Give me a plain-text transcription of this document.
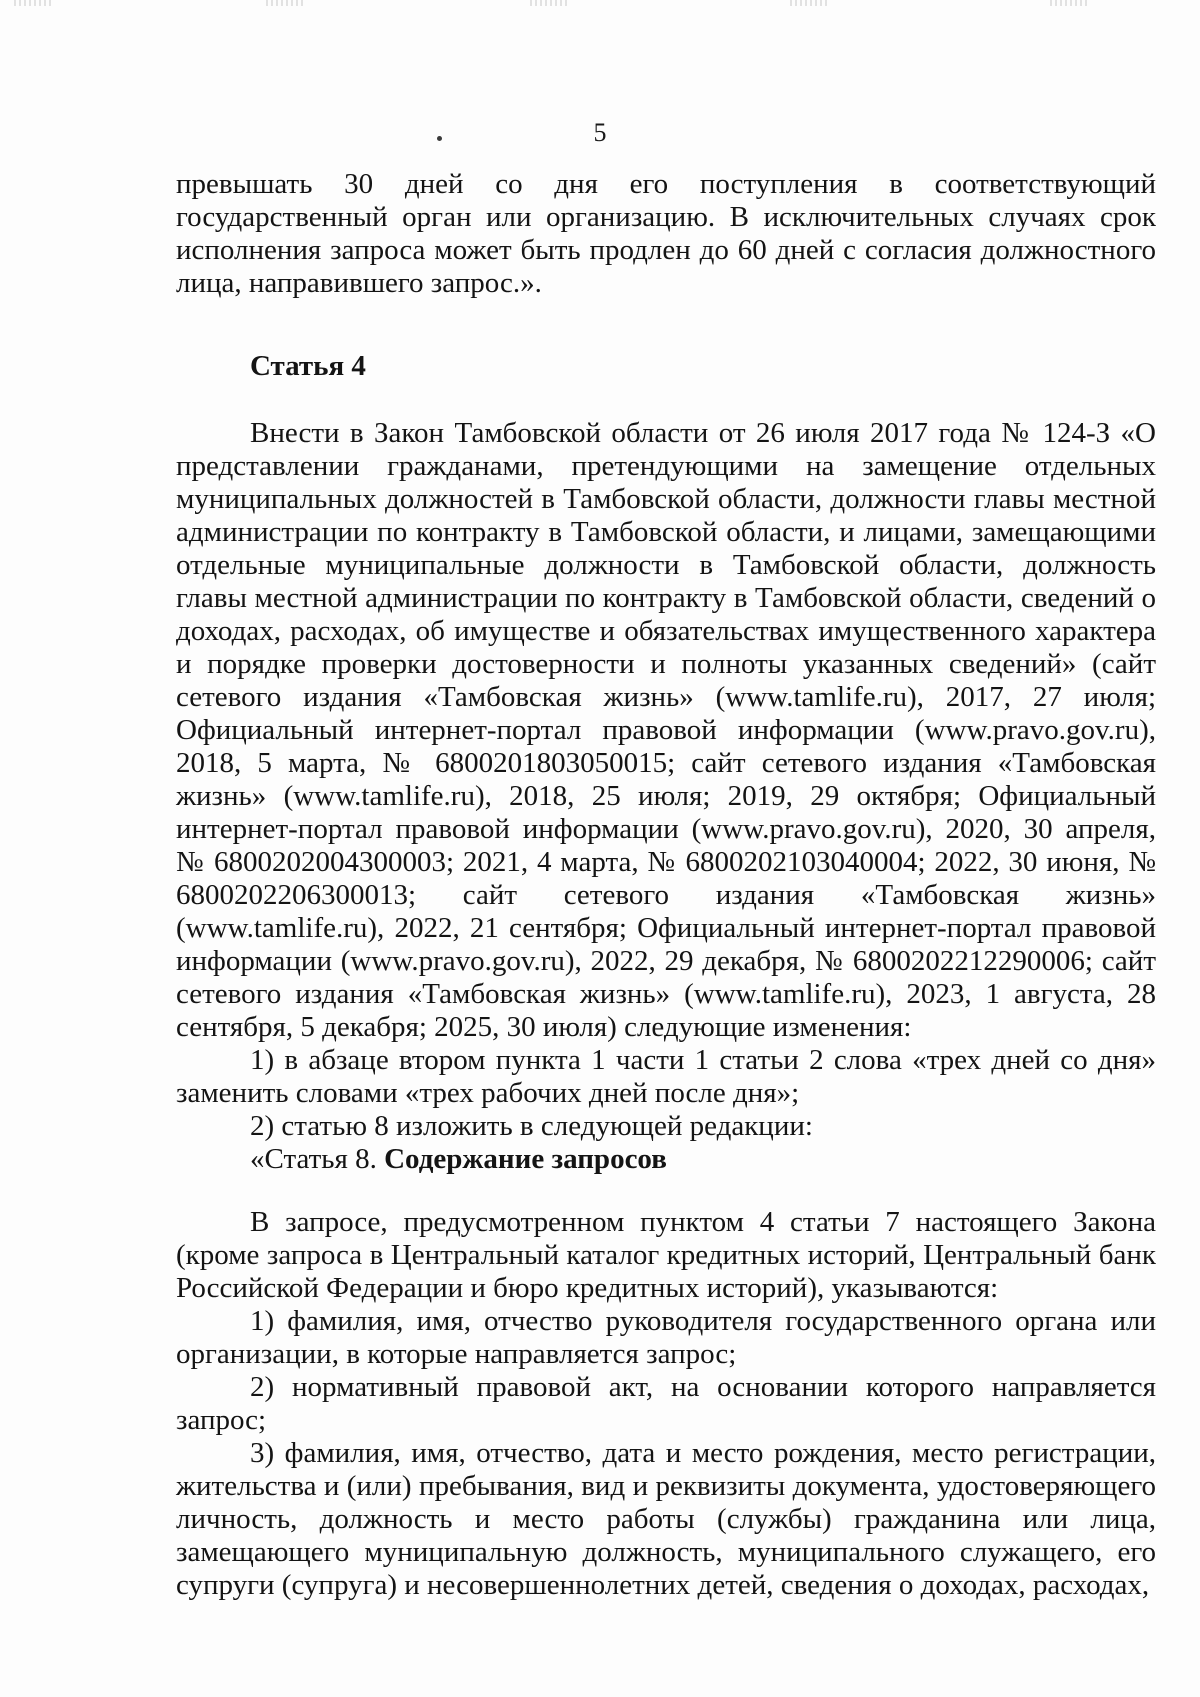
5

превышать 30 дней со дня его поступления в соответствующий государственный орган или организацию. В исключительных случаях срок исполнения запроса может быть продлен до 60 дней с согласия должностного лица, направившего запрос.».

Статья 4

Внести в Закон Тамбовской области от 26 июля 2017 года № 124-З «О представлении гражданами, претендующими на замещение отдельных муниципальных должностей в Тамбовской области, должности главы местной администрации по контракту в Тамбовской области, и лицами, замещающими отдельные муниципальные должности в Тамбовской области, должность главы местной администрации по контракту в Тамбовской области, сведений о доходах, расходах, об имуществе и обязательствах имущественного характера и порядке проверки достоверности и полноты указанных сведений» (сайт сетевого издания «Тамбовская жизнь» (www.tamlife.ru), 2017, 27 июля; Официальный интернет-портал правовой информации (www.pravo.gov.ru), 2018, 5 марта, № 6800201803050015; сайт сетевого издания «Тамбовская жизнь» (www.tamlife.ru), 2018, 25 июля; 2019, 29 октября; Официальный интернет-портал правовой информации (www.pravo.gov.ru), 2020, 30 апреля, № 6800202004300003; 2021, 4 марта, № 6800202103040004; 2022, 30 июня, № 6800202206300013; сайт сетевого издания «Тамбовская жизнь» (www.tamlife.ru), 2022, 21 сентября; Официальный интернет-портал правовой информации (www.pravo.gov.ru), 2022, 29 декабря, № 6800202212290006; сайт сетевого издания «Тамбовская жизнь» (www.tamlife.ru), 2023, 1 августа, 28 сентября, 5 декабря; 2025, 30 июля) следующие изменения:

1) в абзаце втором пункта 1 части 1 статьи 2 слова «трех дней со дня» заменить словами «трех рабочих дней после дня»;

2) статью 8 изложить в следующей редакции:

«Статья 8. Содержание запросов

В запросе, предусмотренном пунктом 4 статьи 7 настоящего Закона (кроме запроса в Центральный каталог кредитных историй, Центральный банк Российской Федерации и бюро кредитных историй), указываются:

1) фамилия, имя, отчество руководителя государственного органа или организации, в которые направляется запрос;

2) нормативный правовой акт, на основании которого направляется запрос;

3) фамилия, имя, отчество, дата и место рождения, место регистрации, жительства и (или) пребывания, вид и реквизиты документа, удостоверяющего личность, должность и место работы (службы) гражданина или лица, замещающего муниципальную должность, муниципального служащего, его супруги (супруга) и несовершеннолетних детей, сведения о доходах, расходах,
